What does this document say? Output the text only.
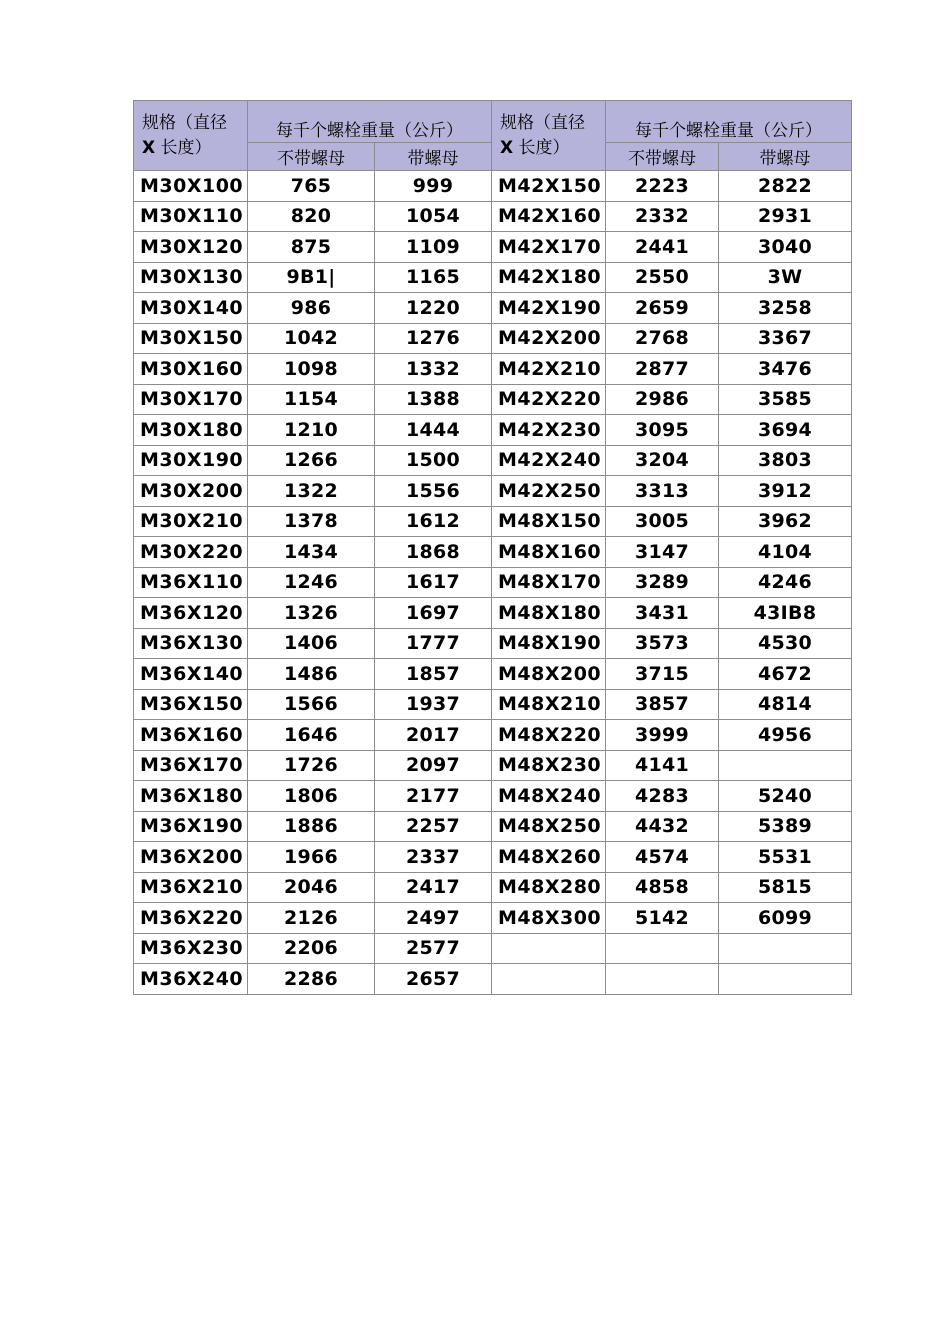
规格（直径
X 长度）	每千个螺栓重量（公斤）		规格（直径
X 长度）	每千个螺栓重量（公斤）	
	不带螺母	带螺母		不带螺母	带螺母
M30X100	765	999	M42X150	2223	2822
M30X110	820	1054	M42X160	2332	2931
M30X120	875	1109	M42X170	2441	3040
M30X130	9B1|	1165	M42X180	2550	3W
M30X140	986	1220	M42X190	2659	3258
M30X150	1042	1276	M42X200	2768	3367
M30X160	1098	1332	M42X210	2877	3476
M30X170	1154	1388	M42X220	2986	3585
M30X180	1210	1444	M42X230	3095	3694
M30X190	1266	1500	M42X240	3204	3803
M30X200	1322	1556	M42X250	3313	3912
M30X210	1378	1612	M48X150	3005	3962
M30X220	1434	1868	M48X160	3147	4104
M36X110	1246	1617	M48X170	3289	4246
M36X120	1326	1697	M48X180	3431	43IB8
M36X130	1406	1777	M48X190	3573	4530
M36X140	1486	1857	M48X200	3715	4672
M36X150	1566	1937	M48X210	3857	4814
M36X160	1646	2017	M48X220	3999	4956
M36X170	1726	2097	M48X230	4141	
M36X180	1806	2177	M48X240	4283	5240
M36X190	1886	2257	M48X250	4432	5389
M36X200	1966	2337	M48X260	4574	5531
M36X210	2046	2417	M48X280	4858	5815
M36X220	2126	2497	M48X300	5142	6099
M36X230	2206	2577			
M36X240	2286	2657			
